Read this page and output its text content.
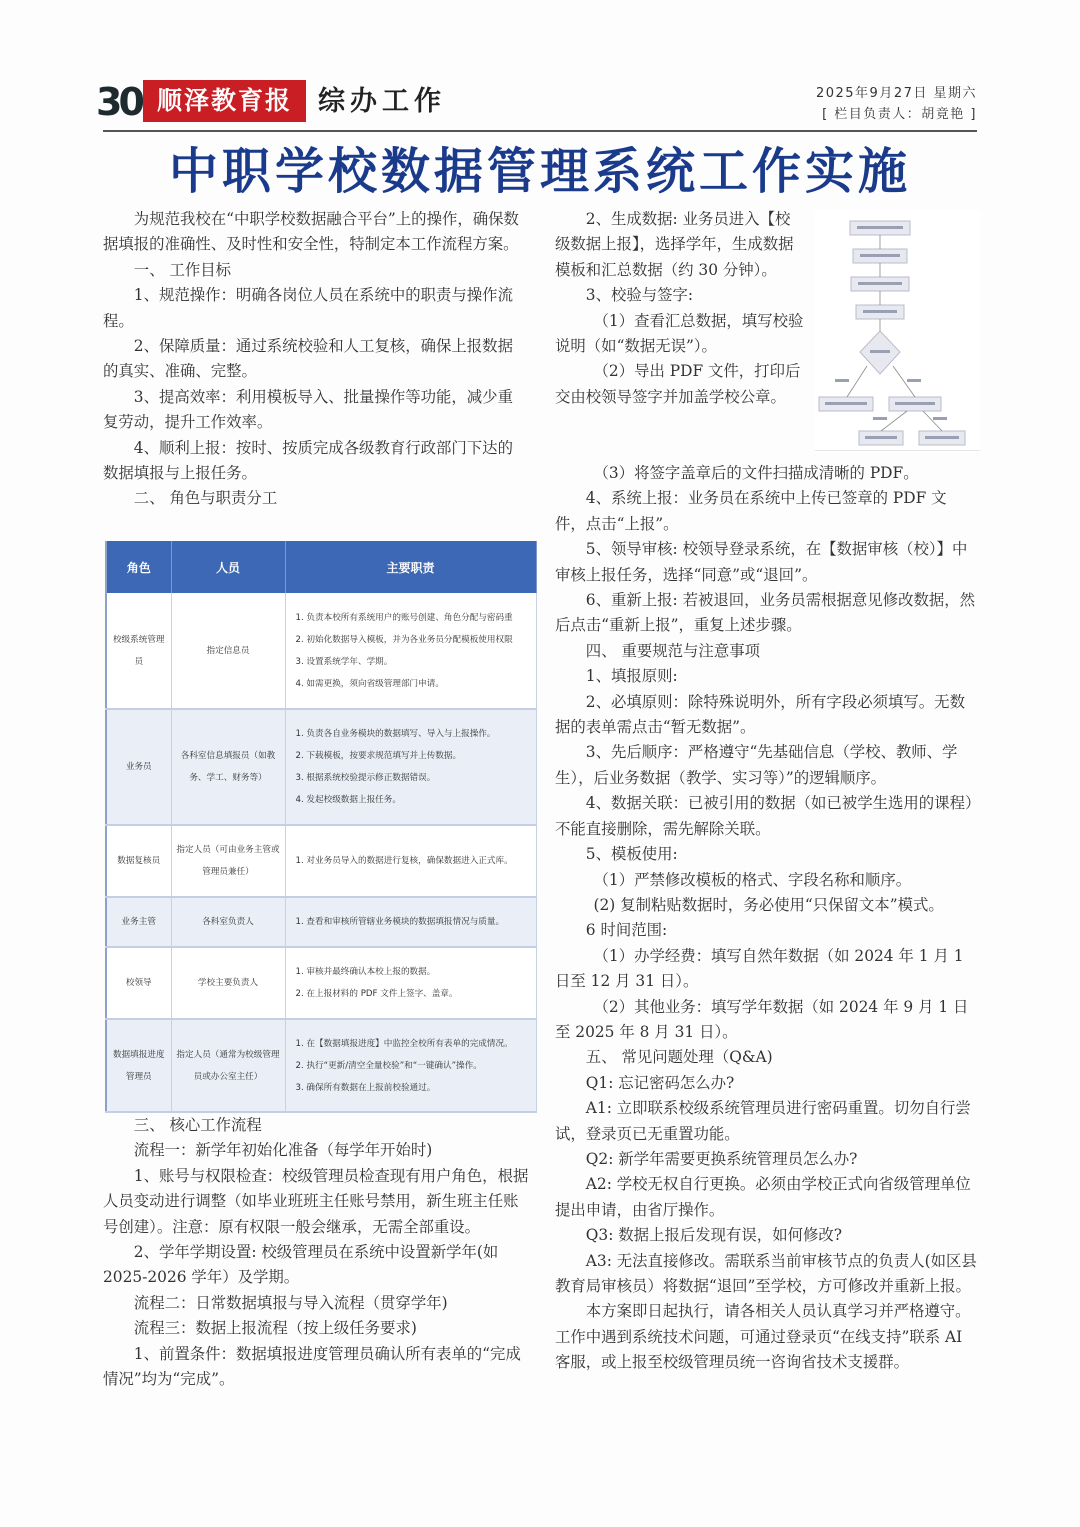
30 顺泽教育报 综办工作	2025年9月27日 星期六
[ 栏目负责人：胡竟艳 ]
中职学校数据管理系统工作实施

为规范我校在“中职学校数据融合平台”上的操作，确保数据填报的准确性、及时性和安全性，特制定本工作流程方案。

一、 工作目标

1、规范操作：明确各岗位人员在系统中的职责与操作流程。

2、保障质量：通过系统校验和人工复核，确保上报数据的真实、准确、完整。

3、提高效率：利用模板导入、批量操作等功能，减少重复劳动，提升工作效率。

4、顺利上报：按时、按质完成各级教育行政部门下达的数据填报与上报任务。

二、 角色与职责分工

角色	人员	主要职责
校级系统管理员	指定信息员	1. 负责本校所有系统用户的账号创建、角色分配与密码重
2. 初始化数据导入模板，并为各业务员分配模板使用权限
3. 设置系统学年、学期。
4. 如需更换，须向省级管理部门申请。

业务员	各科室信息填报员（如教务、学工、财务等）	1. 负责各自业务模块的数据填写、导入与上报操作。
2. 下载模板，按要求规范填写并上传数据。
3. 根据系统校验提示修正数据错误。
4. 发起校级数据上报任务。

数据复核员	指定人员（可由业务主管或管理员兼任）	1. 对业务员导入的数据进行复核，确保数据进入正式库。

业务主管	各科室负责人	1. 查看和审核所管辖业务模块的数据填报情况与质量。

校领导	学校主要负责人	1. 审核并最终确认本校上报的数据。
2. 在上报材料的 PDF 文件上签字、盖章。

数据填报进度管理员	指定人员（通常为校级管理员或办公室主任）	1. 在【数据填报进度】中监控全校所有表单的完成情况。
2. 执行“更新/清空全量校验”和“一键确认”操作。
3. 确保所有数据在上报前校验通过。

三、 核心工作流程

流程一：新学年初始化准备（每学年开始时)

1、账号与权限检查：校级管理员检查现有用户角色，根据人员变动进行调整（如毕业班班主任账号禁用，新生班主任账号创建）。注意：原有权限一般会继承，无需全部重设。

2、学年学期设置: 校级管理员在系统中设置新学年(如 2025-2026 学年）及学期。

流程二：日常数据填报与导入流程（贯穿学年)

流程三：数据上报流程（按上级任务要求)

1、前置条件：数据填报进度管理员确认所有表单的“完成情况”均为“完成”。

2、生成数据: 业务员进入【校级数据上报】，选择学年，生成数据模板和汇总数据（约 30 分钟）。

3、校验与签字:

（1）查看汇总数据，填写校验说明（如“数据无误”）。

（2）导出 PDF 文件，打印后交由校领导签字并加盖学校公章。

（3）将签字盖章后的文件扫描成清晰的 PDF。

4、系统上报：业务员在系统中上传已签章的 PDF 文件，点击“上报”。

5、领导审核: 校领导登录系统，在【数据审核（校）】中审核上报任务，选择“同意”或“退回”。

6、重新上报: 若被退回，业务员需根据意见修改数据，然后点击“重新上报”，重复上述步骤。

四、 重要规范与注意事项

1、填报原则:

2、必填原则：除特殊说明外，所有字段必须填写。无数据的表单需点击“暂无数据”。

3、先后顺序：严格遵守“先基础信息（学校、教师、学生），后业务数据（教学、实习等）”的逻辑顺序。

4、数据关联：已被引用的数据（如已被学生选用的课程）不能直接删除，需先解除关联。

5、模板使用:

（1）严禁修改模板的格式、字段名称和顺序。

(2) 复制粘贴数据时，务必使用“只保留文本”模式。

6 时间范围:

（1）办学经费：填写自然年数据（如 2024 年 1 月 1 日至 12 月 31 日）。

（2）其他业务：填写学年数据（如 2024 年 9 月 1 日至 2025 年 8 月 31 日）。

五、 常见问题处理（Q&A)

Q1: 忘记密码怎么办?

A1: 立即联系校级系统管理员进行密码重置。切勿自行尝试，登录页已无重置功能。

Q2: 新学年需要更换系统管理员怎么办?

A2: 学校无权自行更换。必须由学校正式向省级管理单位提出申请，由省厅操作。

Q3: 数据上报后发现有误，如何修改?

A3: 无法直接修改。需联系当前审核节点的负责人(如区县教育局审核员）将数据“退回”至学校，方可修改并重新上报。

本方案即日起执行，请各相关人员认真学习并严格遵守。工作中遇到系统技术问题，可通过登录页“在线支持”联系 AI 客服，或上报至校级管理员统一咨询省技术支援群。
